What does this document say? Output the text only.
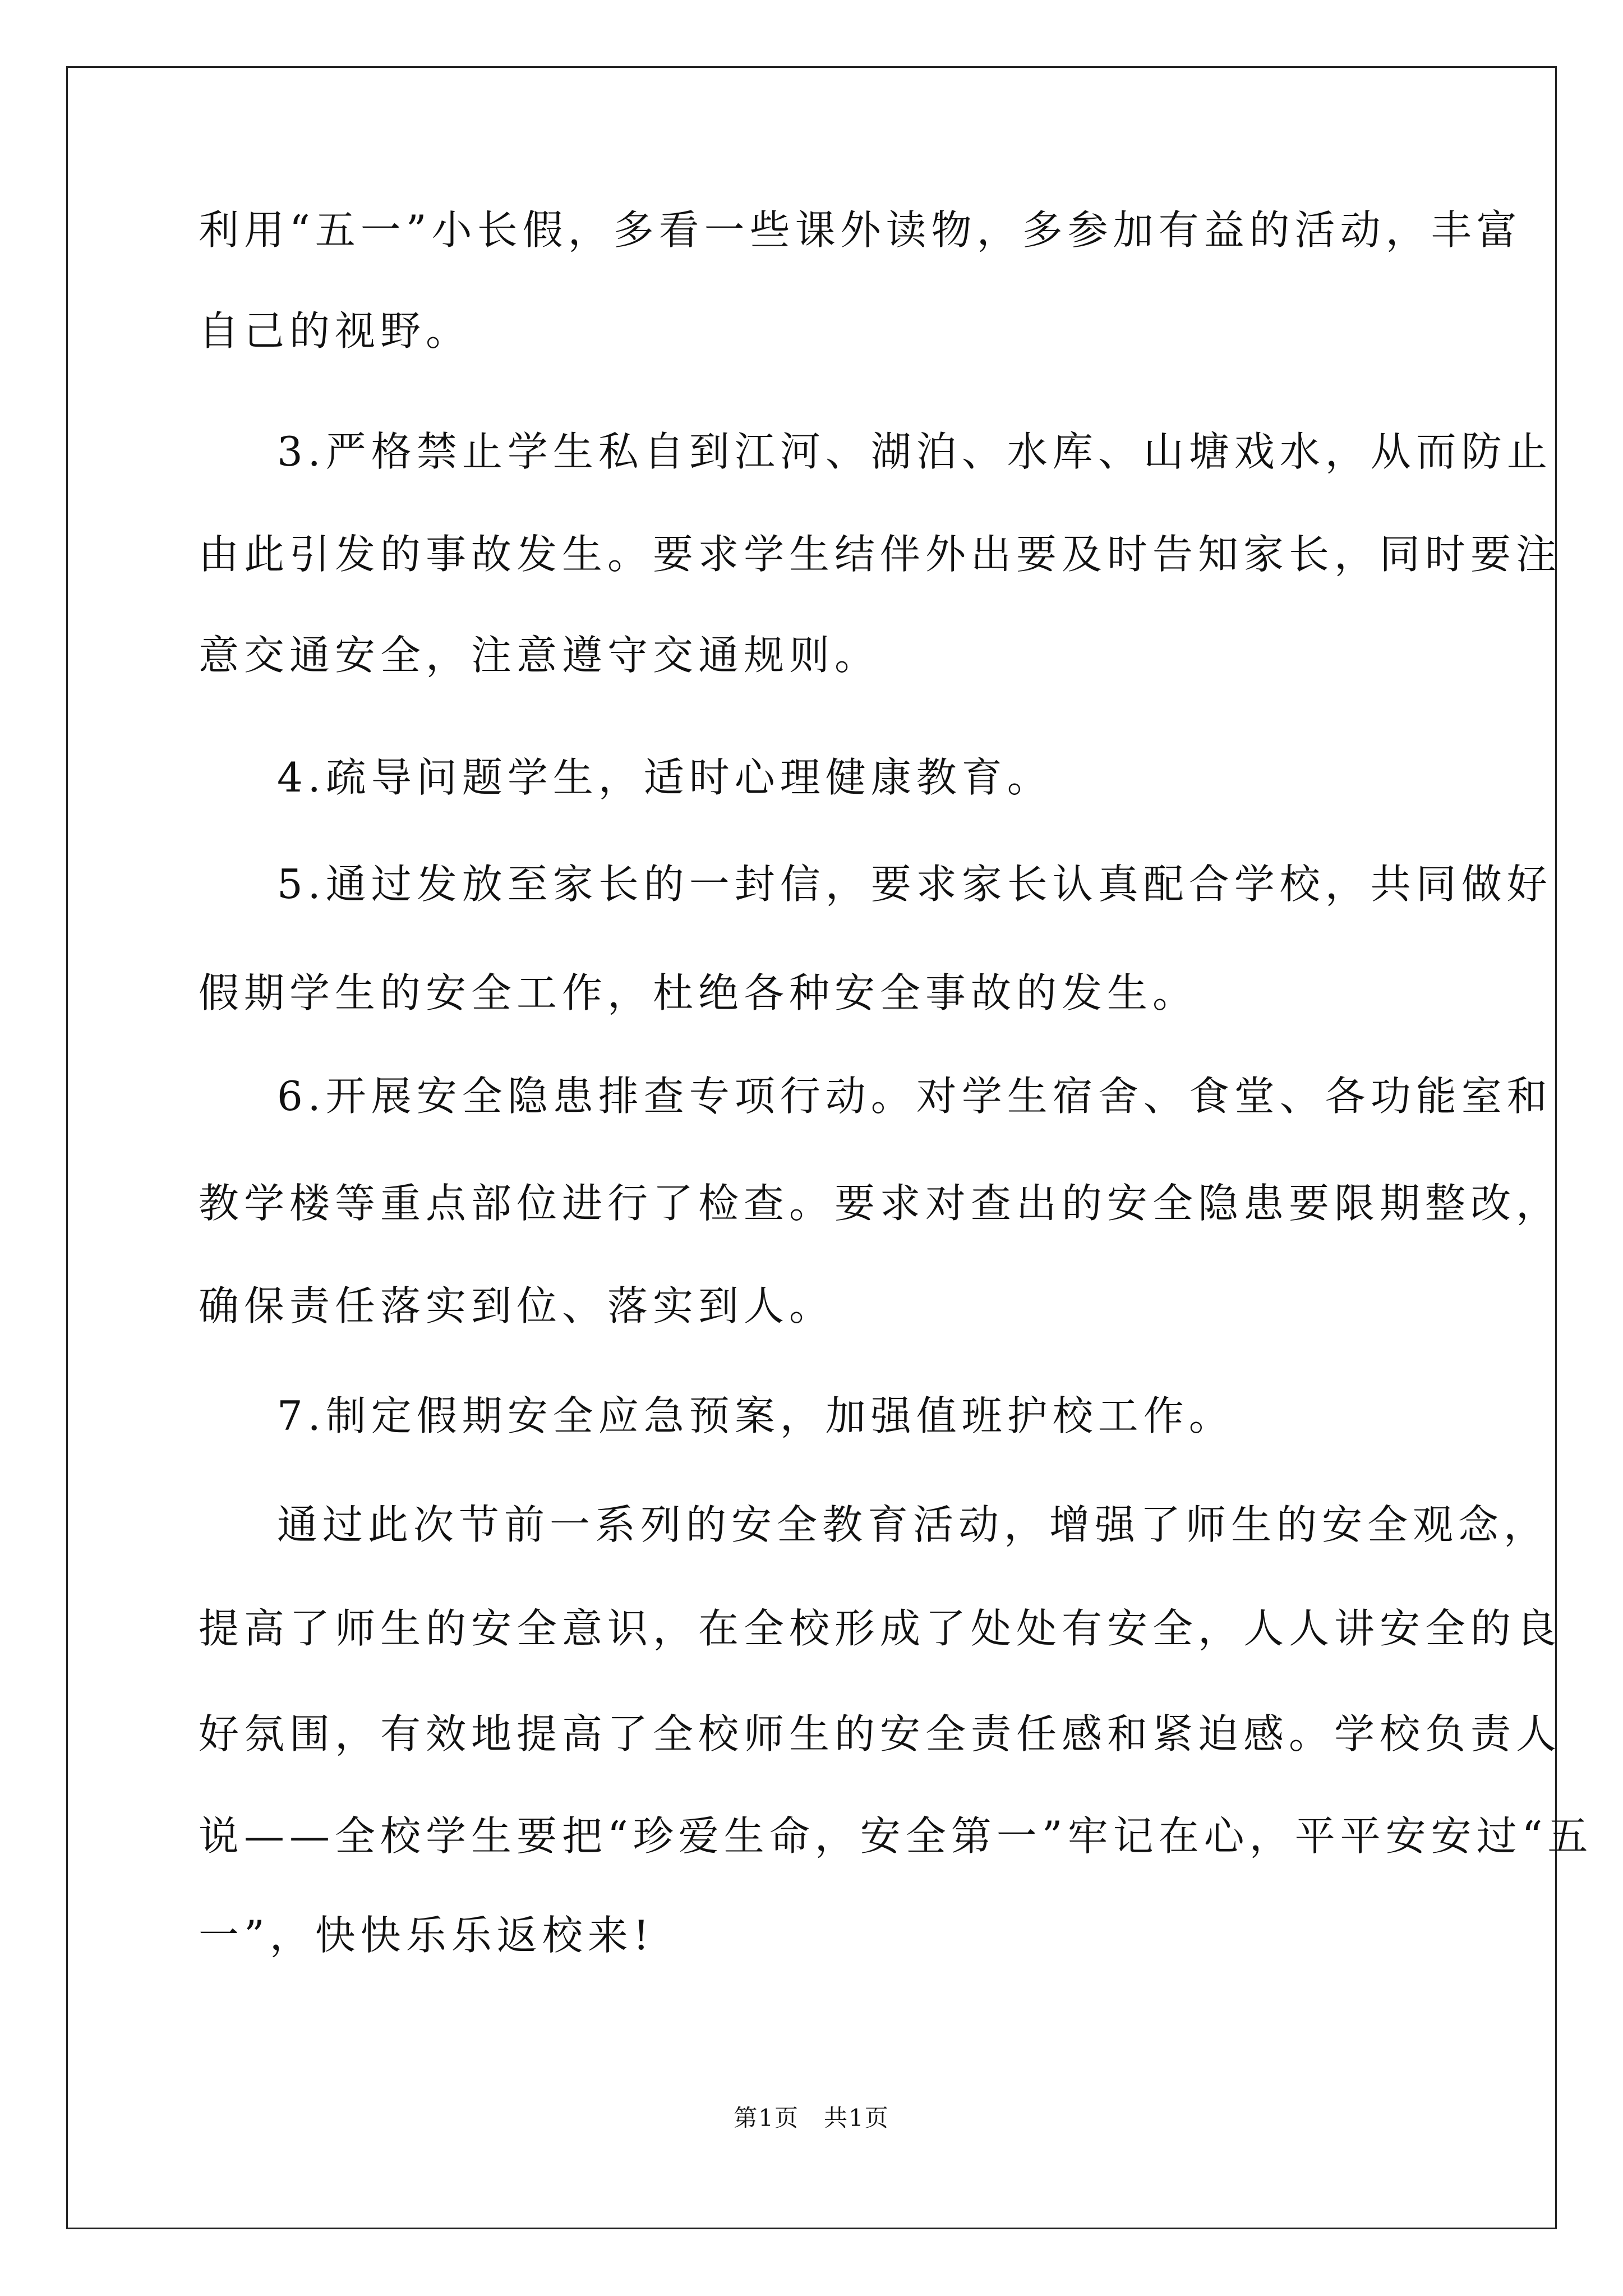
利用“五一”小长假，多看一些课外读物，多参加有益的活动，丰富
自己的视野。
3.严格禁止学生私自到江河、湖泊、水库、山塘戏水，从而防止
由此引发的事故发生。要求学生结伴外出要及时告知家长，同时要注
意交通安全，注意遵守交通规则。
4.疏导问题学生，适时心理健康教育。
5.通过发放至家长的一封信，要求家长认真配合学校，共同做好
假期学生的安全工作，杜绝各种安全事故的发生。
6.开展安全隐患排查专项行动。对学生宿舍、食堂、各功能室和
教学楼等重点部位进行了检查。要求对查出的安全隐患要限期整改，
确保责任落实到位、落实到人。
7.制定假期安全应急预案，加强值班护校工作。
通过此次节前一系列的安全教育活动，增强了师生的安全观念，
提高了师生的安全意识，在全校形成了处处有安全，人人讲安全的良
好氛围，有效地提高了全校师生的安全责任感和紧迫感。学校负责人
说——全校学生要把“珍爱生命，安全第一”牢记在心，平平安安过“五
一”，快快乐乐返校来!
第1页　共1页
